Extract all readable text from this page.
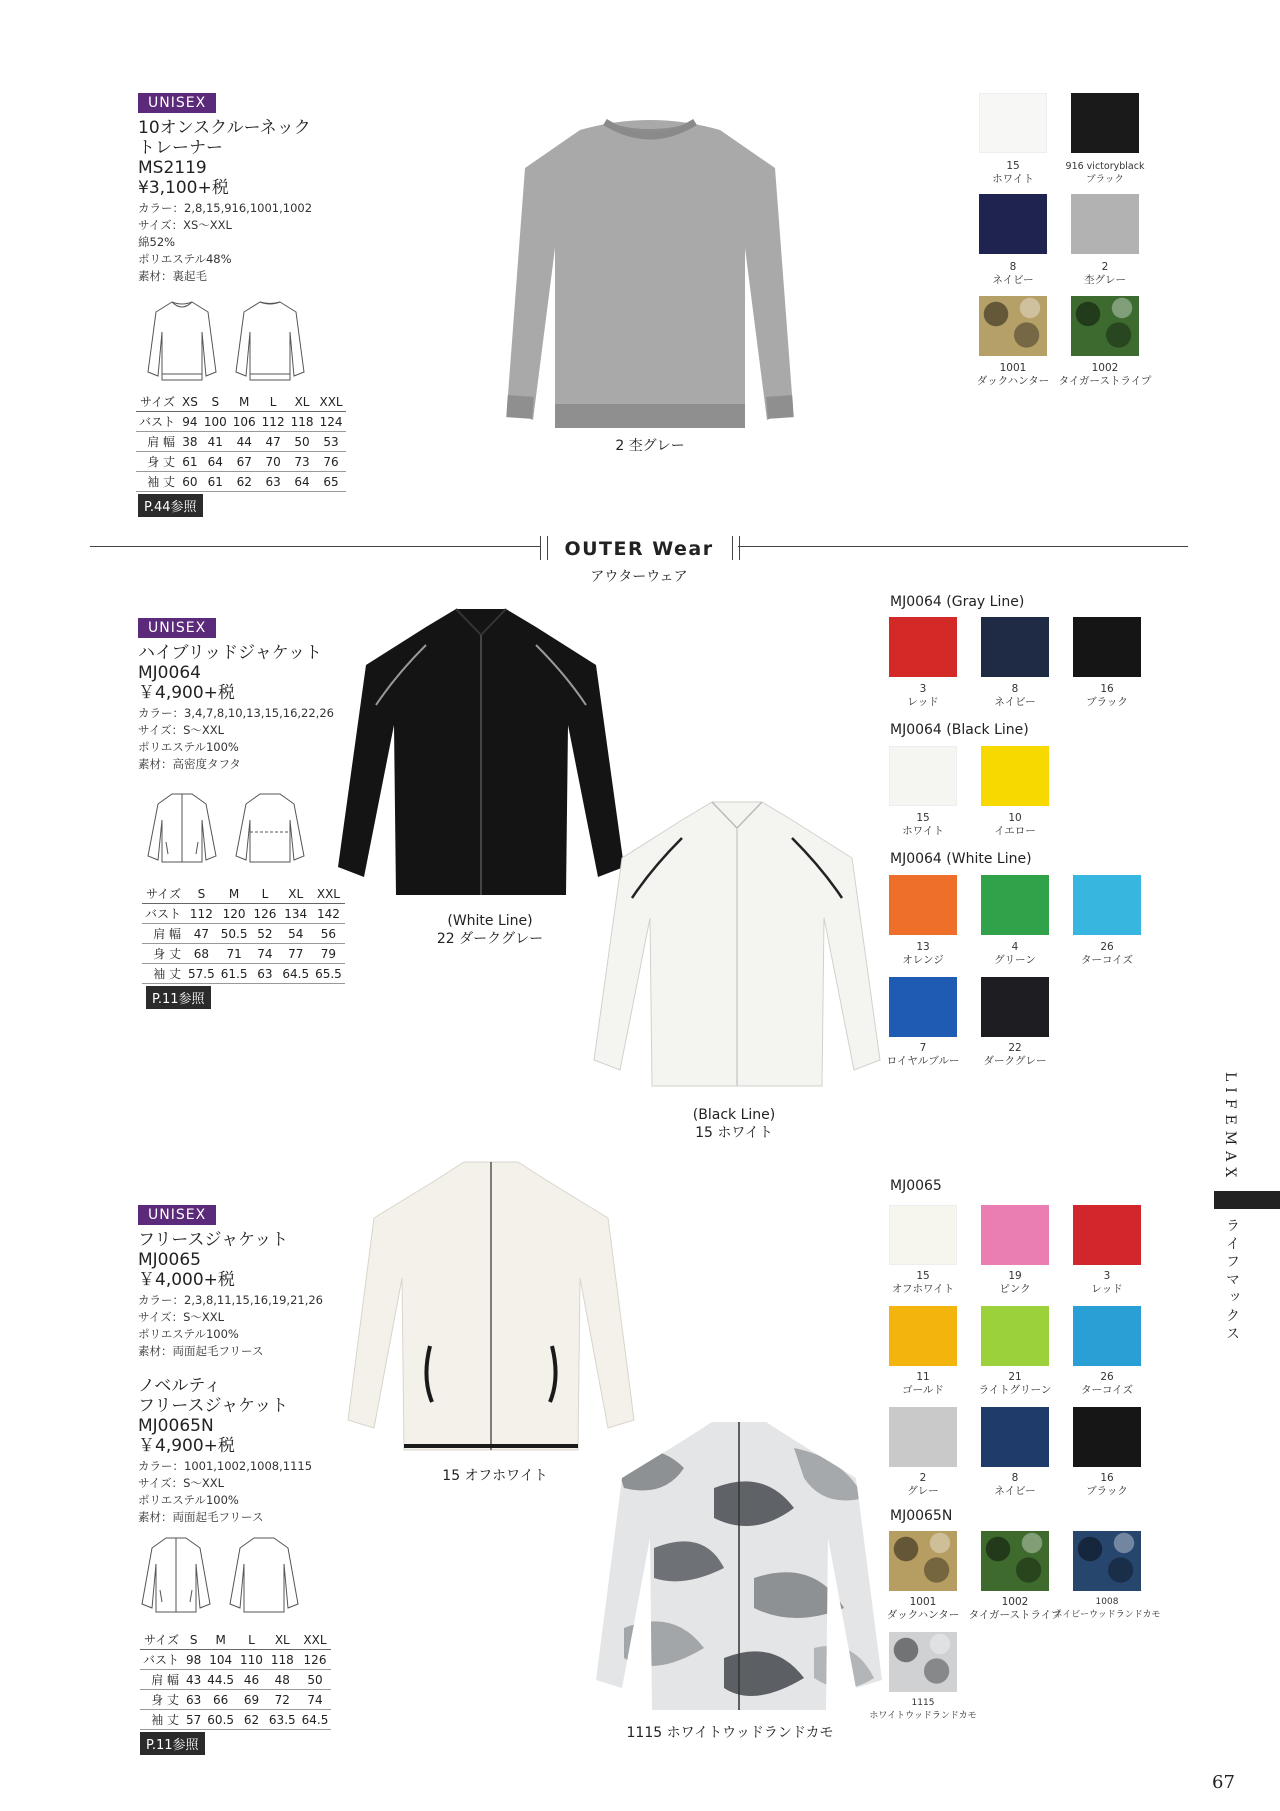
UNISEX
10オンスクルーネック
トレーナー
MS2119
¥3,100+税
カラー：2,8,15,916,1001,1002
サイズ：XS〜XXL
綿52%
ポリエステル48%
素材：裏起毛
サイズ	XS	S	M	L	XL	XXL
バスト	94	100	106	112	118	124
肩 幅	38	41	44	47	50	53
身 丈	61	64	67	70	73	76
袖 丈	60	61	62	63	64	65
P.44参照
2 杢グレー
15
ホワイト
916 victoryblack
ブラック
8
ネイビー
2
杢グレー
1001
ダックハンター
1002
タイガーストライプ
OUTER Wear
アウターウェア
UNISEX
ハイブリッドジャケット
MJ0064
￥4,900+税
カラー：3,4,7,8,10,13,15,16,22,26
サイズ：S〜XXL
ポリエステル100%
素材：高密度タフタ
サイズ	S	M	L	XL	XXL
バスト	112	120	126	134	142
肩 幅	47	50.5	52	54	56
身 丈	68	71	74	77	79
袖 丈	57.5	61.5	63	64.5	65.5
P.11参照
(White Line)
22 ダークグレー
(Black Line)
15 ホワイト
MJ0064 (Gray Line)
3
レッド
8
ネイビー
16
ブラック
MJ0064 (Black Line)
15
ホワイト
10
イエロー
MJ0064 (White Line)
13
オレンジ
4
グリーン
26
ターコイズ
7
ロイヤルブルー
22
ダークグレー
UNISEX
フリースジャケット
MJ0065
￥4,000+税
カラー：2,3,8,11,15,16,19,21,26
サイズ：S〜XXL
ポリエステル100%
素材：両面起毛フリース
ノベルティ
フリースジャケット
MJ0065N
￥4,900+税
カラー：1001,1002,1008,1115
サイズ：S〜XXL
ポリエステル100%
素材：両面起毛フリース
サイズ	S	M	L	XL	XXL
バスト	98	104	110	118	126
肩 幅	43	44.5	46	48	50
身 丈	63	66	69	72	74
袖 丈	57	60.5	62	63.5	64.5
P.11参照
15 オフホワイト
1115 ホワイトウッドランドカモ
MJ0065
15
オフホワイト
19
ピンク
3
レッド
11
ゴールド
21
ライトグリーン
26
ターコイズ
2
グレー
8
ネイビー
16
ブラック
MJ0065N
1001
ダックハンター
1002
タイガーストライプ
1008
ネイビーウッドランドカモ
1115
ホワイトウッドランドカモ
LIFEMAX
ライフマックス
67
